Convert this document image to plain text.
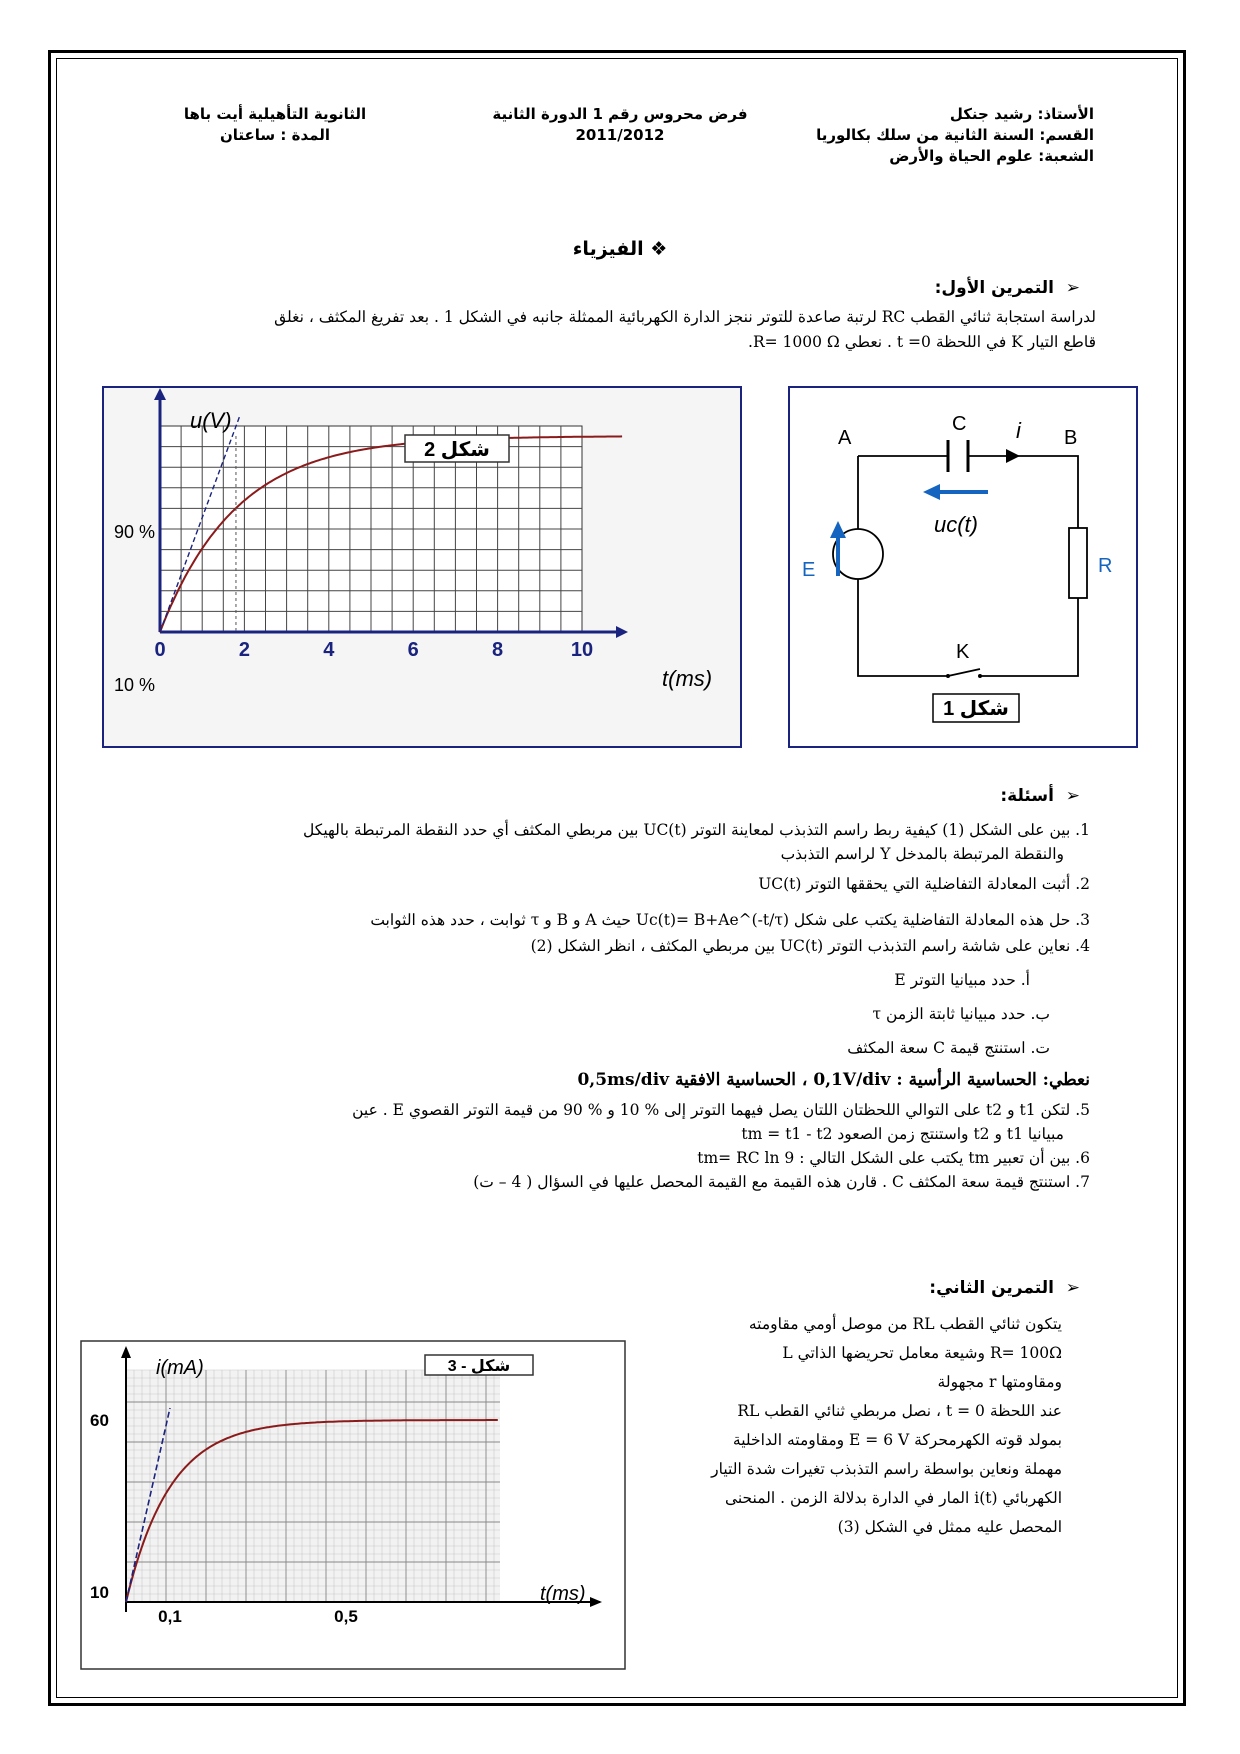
الأستاذ: رشيد جنكل
القسم: السنة الثانية من سلك بكالوريا
الشعبة: علوم الحياة والأرض
فرض محروس رقم 1 الدورة الثانية
2011/2012
الثانوية التأهيلية أيت باها
المدة : ساعتان
❖ الفيزياء
➢  التمرين الأول:
لدراسة استجابة ثنائي القطب RC لرتبة صاعدة للتوتر ننجز الدارة الكهربائية الممثلة جانبه في الشكل 1 . بعد تفريغ المكثف ، نغلق
قاطع التيار K في اللحظة t =0 . نعطي R= 1000 Ω.
شكل 2
u(V)
t(ms)
90 %
10 %
0	2	4	6	8	10
A	B
C
K
i
uc(t)
E	R
شكل 1
➢  أسئلة:
1. بين على الشكل (1) كيفية ربط راسم التذبذب لمعاينة التوتر UC(t) بين مربطي المكثف أي حدد النقطة المرتبطة بالهيكل
والنقطة المرتبطة بالمدخل Y لراسم التذبذب
2. أثبت المعادلة التفاضلية التي يحققها التوتر UC(t)
3. حل هذه المعادلة التفاضلية يكتب على شكل Uc(t)= B+Ae^(-t/τ) حيث A و B و τ ثوابت ، حدد هذه الثوابت
4. نعاين على شاشة راسم التذبذب التوتر UC(t) بين مربطي المكثف ، انظر الشكل (2)
أ. حدد مبيانيا التوتر E
ب. حدد مبيانيا ثابتة الزمن τ
ت. استنتج قيمة C سعة المكثف
نعطي: الحساسية الرأسية : 0,1V/div ، الحساسية الافقية 0,5ms/div
5. لتكن t1 و t2 على التوالي اللحظتان اللتان يصل فيهما التوتر إلى % 10 و % 90 من قيمة التوتر القصوي E . عين
مبيانيا t1 و t2 واستنتج زمن الصعود tm = t1 - t2
6. بين أن تعبير tm يكتب على الشكل التالي : tm= RC ln 9
7. استنتج قيمة سعة المكثف C . قارن هذه القيمة مع القيمة المحصل عليها في السؤال ( 4 – ت)
➢  التمرين الثاني:
يتكون ثنائي القطب RL من موصل أومي مقاومته
R= 100Ω وشيعة معامل تحريضها الذاتي L
ومقاومتها r مجهولة
عند اللحظة t = 0 ، نصل مربطي ثنائي القطب RL
بمولد قوته الكهرمحركة E = 6 V ومقاومته الداخلية
مهملة ونعاين بواسطة راسم التذبذب تغيرات شدة التيار
الكهربائي i(t) المار في الدارة بدلالة الزمن . المنحنى
المحصل عليه ممثل في الشكل (3)
شكل - 3
i(mA)
t(ms)
60
10
0,1	0,5
